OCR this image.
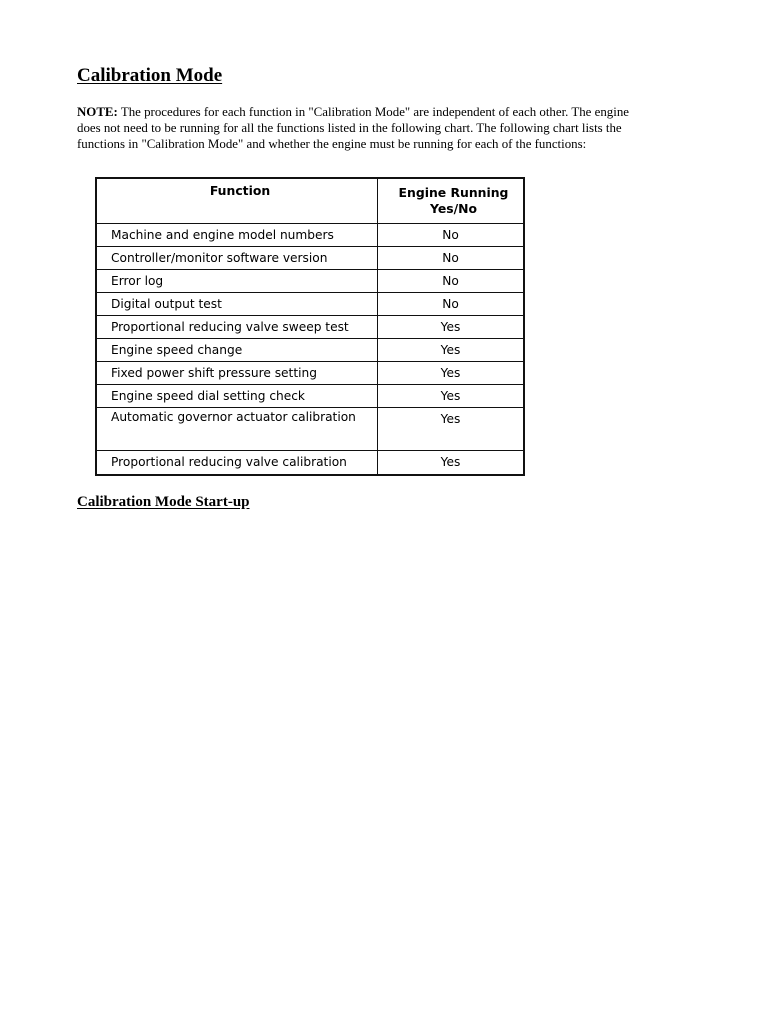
Calibration Mode

NOTE: The procedures for each function in "Calibration Mode" are independent of each other. The engine
does not need to be running for all the functions listed in the following chart. The following chart lists the
functions in "Calibration Mode" and whether the engine must be running for each of the functions:

Function	Engine Running
Yes/No
Machine and engine model numbers	No
Controller/monitor software version	No
Error log	No
Digital output test	No
Proportional reducing valve sweep test	Yes
Engine speed change	Yes
Fixed power shift pressure setting	Yes
Engine speed dial setting check	Yes
Automatic governor actuator calibration	Yes
Proportional reducing valve calibration	Yes
Calibration Mode Start-up
